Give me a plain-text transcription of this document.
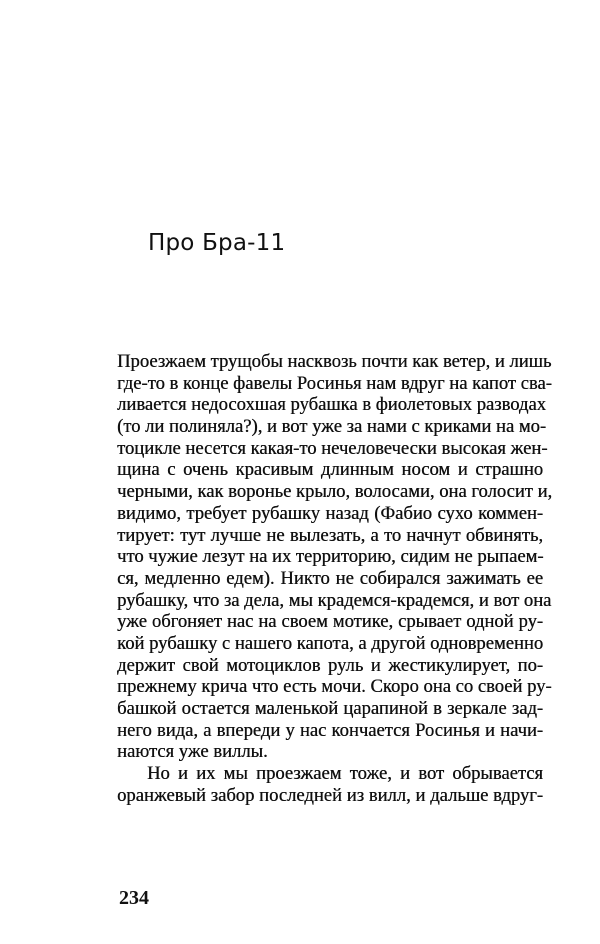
Про Бра-11
Проезжаем трущобы насквозь почти как ветер, и лишь
где-то в конце фавелы Росинья нам вдруг на капот сва-
ливается недосохшая рубашка в фиолетовых разводах
(то ли полиняла?), и вот уже за нами с криками на мо-
тоцикле несется какая-то нечеловечески высокая жен-
щина с очень красивым длинным носом и страшно
черными, как воронье крыло, волосами, она голосит и,
видимо, требует рубашку назад (Фабио сухо коммен-
тирует: тут лучше не вылезать, а то начнут обвинять,
что чужие лезут на их территорию, сидим не рыпаем-
ся, медленно едем). Никто не собирался зажимать ее
рубашку, что за дела, мы крадемся-крадемся, и вот она
уже обгоняет нас на своем мотике, срывает одной ру-
кой рубашку с нашего капота, а другой одновременно
держит свой мотоциклов руль и жестикулирует, по-
прежнему крича что есть мочи. Скоро она со своей ру-
башкой остается маленькой царапиной в зеркале зад-
него вида, а впереди у нас кончается Росинья и начи-
наются уже виллы.
Но и их мы проезжаем тоже, и вот обрывается
оранжевый забор последней из вилл, и дальше вдруг-
234
